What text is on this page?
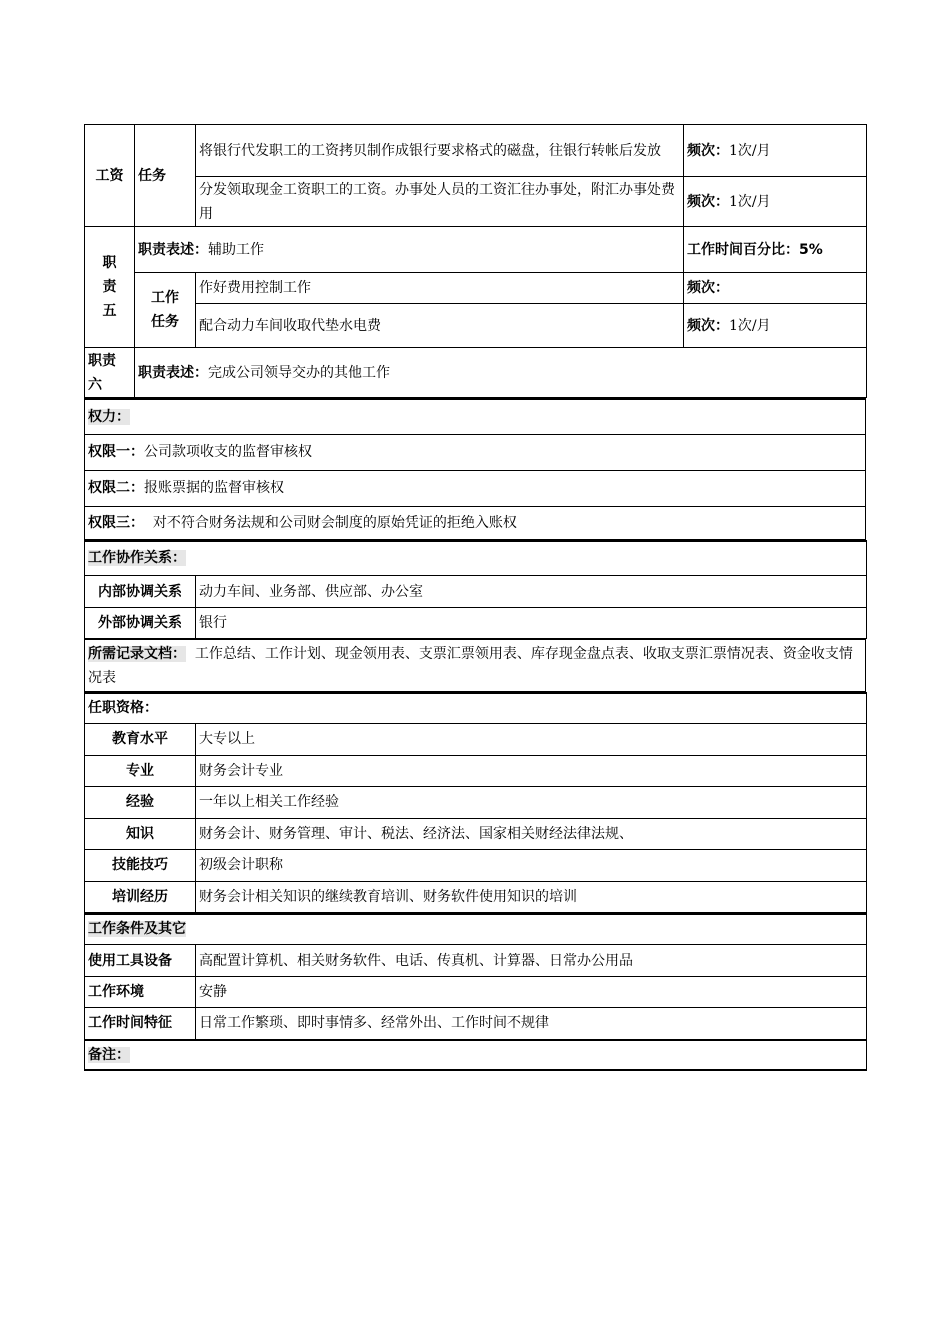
工资	任务	将银行代发职工的工资拷贝制作成银行要求格式的磁盘，往银行转帐后发放	频次：1次/月
		分发领取现金工资职工的工资。办事处人员的工资汇往办事处，附汇办事处费用	频次：1次/月
职责五	职责表述：辅助工作		工作时间百分比：5%
	工作任务	作好费用控制工作	频次：
		配合动力车间收取代垫水电费	频次：1次/月
职责六	职责表述：完成公司领导交办的其他工作		
权力：
权限一：公司款项收支的监督审核权
权限二：报账票据的监督审核权
权限三： 对不符合财务法规和公司财会制度的原始凭证的拒绝入账权
工作协作关系：	
内部协调关系	动力车间、业务部、供应部、办公室
外部协调关系	银行
所需记录文档： 工作总结、工作计划、现金领用表、支票汇票领用表、库存现金盘点表、收取支票汇票情况表、资金收支情况表
任职资格：	
教育水平	大专以上
专业	财务会计专业
经验	一年以上相关工作经验
知识	财务会计、财务管理、审计、税法、经济法、国家相关财经法律法规、
技能技巧	初级会计职称
培训经历	财务会计相关知识的继续教育培训、财务软件使用知识的培训
工作条件及其它	
使用工具设备	高配置计算机、相关财务软件、电话、传真机、计算器、日常办公用品
工作环境	安静
工作时间特征	日常工作繁琐、即时事情多、经常外出、工作时间不规律
备注：	
